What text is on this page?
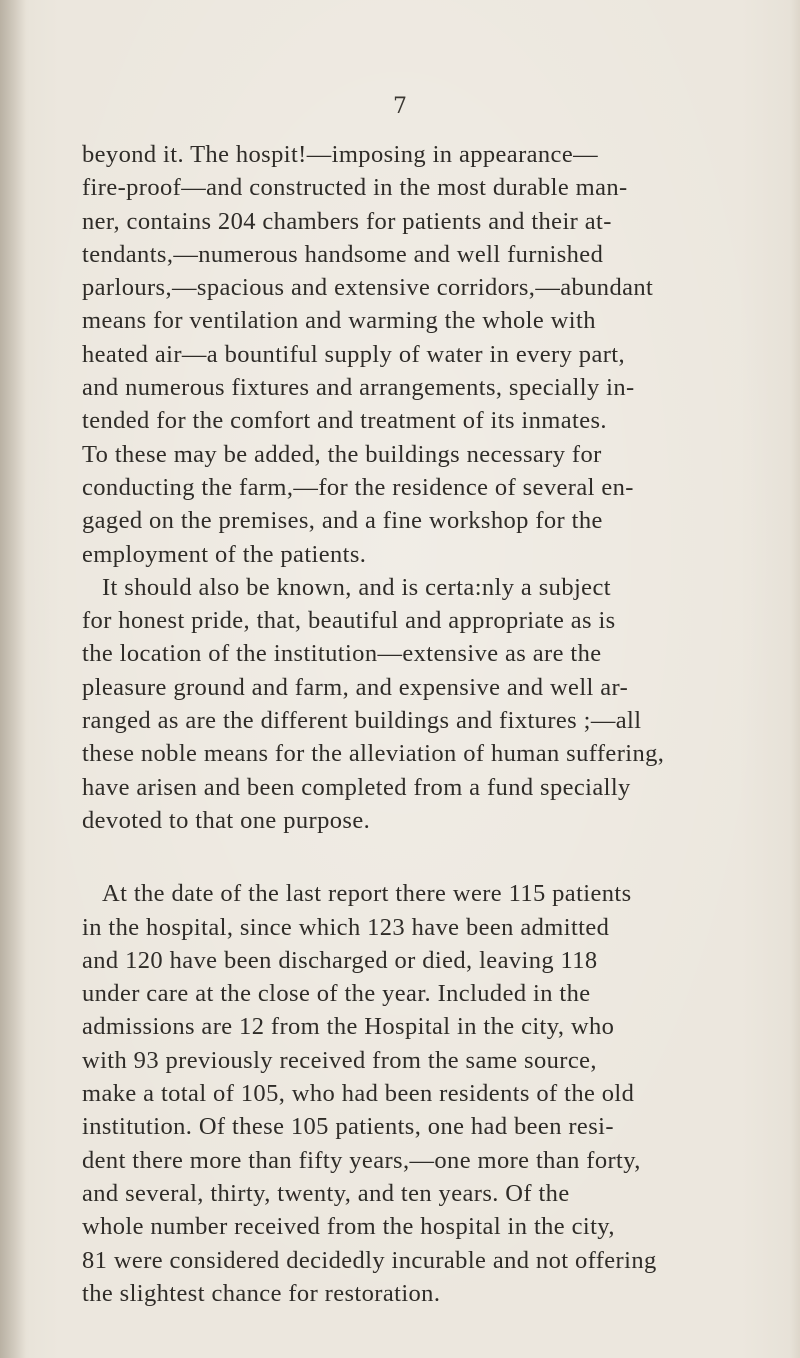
7

beyond it. The hospit​!—imposing in appearance—
fire-proof—and constructed in the most durable man-
ner, contains 204 chambers for patients and their at-
tendants,—numerous handsome and well furnished
parlours,—spacious and extensive corridors,—abundant
means for ventilation and warming the whole with
heated air—a bountiful supply of water in every part,
and numerous fixtures and arrangements, specially in-
tended for the comfort and treatment of its inmates.
To these may be added, the buildings necessary for
conducting the farm,—for the residence of several en-
gaged on the premises, and a fine workshop for the
employment of the patients.
It should also be known, and is certa:nly a subject
for honest pride, that, beautiful and appropriate as is
the location of the institution—extensive as are the
pleasure ground and farm, and expensive and well ar-
ranged as are the different buildings and fixtures ;—all
these noble means for the alleviation of human suffering,
have arisen and been completed from a fund specially
devoted to that one purpose.
At the date of the last report there were 115 patients
in the hospital, since which 123 have been admitted
and 120 have been discharged or died, leaving 118
under care at the close of the year. Included in the
admissions are 12 from the Hospital in the city, who
with 93 previously received from the same source,
make a total of 105, who had been residents of the old
institution. Of these 105 patients, one had been resi-
dent there more than fifty years,—one more than forty,
and several, thirty, twenty, and ten years. Of the
whole number received from the hospital in the city,
81 were considered decidedly incurable and not offering
the slightest chance for restoration.
